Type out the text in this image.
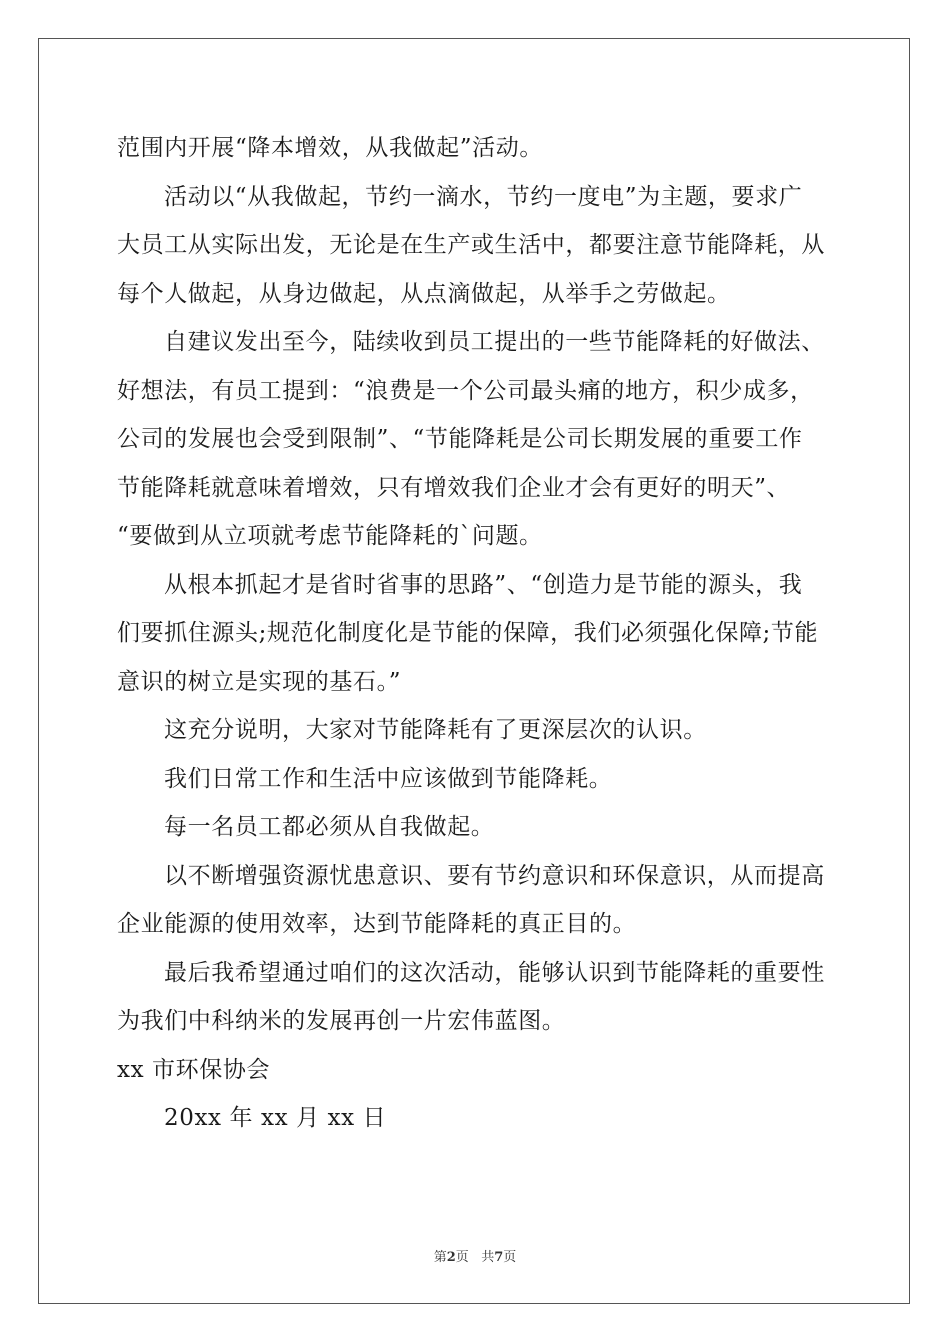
范围内开展“降本增效，从我做起”活动。
活动以“从我做起，节约一滴水，节约一度电”为主题，要求广
大员工从实际出发，无论是在生产或生活中，都要注意节能降耗，从
每个人做起，从身边做起，从点滴做起，从举手之劳做起。
自建议发出至今，陆续收到员工提出的一些节能降耗的好做法、
好想法，有员工提到：“浪费是一个公司最头痛的地方，积少成多，
公司的发展也会受到限制”、“节能降耗是公司长期发展的重要工作
节能降耗就意味着增效，只有增效我们企业才会有更好的明天”、
“要做到从立项就考虑节能降耗的`问题。
从根本抓起才是省时省事的思路”、“创造力是节能的源头，我
们要抓住源头;规范化制度化是节能的保障，我们必须强化保障;节能
意识的树立是实现的基石。”
这充分说明，大家对节能降耗有了更深层次的认识。
我们日常工作和生活中应该做到节能降耗。
每一名员工都必须从自我做起。
以不断增强资源忧患意识、要有节约意识和环保意识，从而提高
企业能源的使用效率，达到节能降耗的真正目的。
最后我希望通过咱们的这次活动，能够认识到节能降耗的重要性
为我们中科纳米的发展再创一片宏伟蓝图。
xx 市环保协会
20xx 年 xx 月 xx 日
第2页 共7页
